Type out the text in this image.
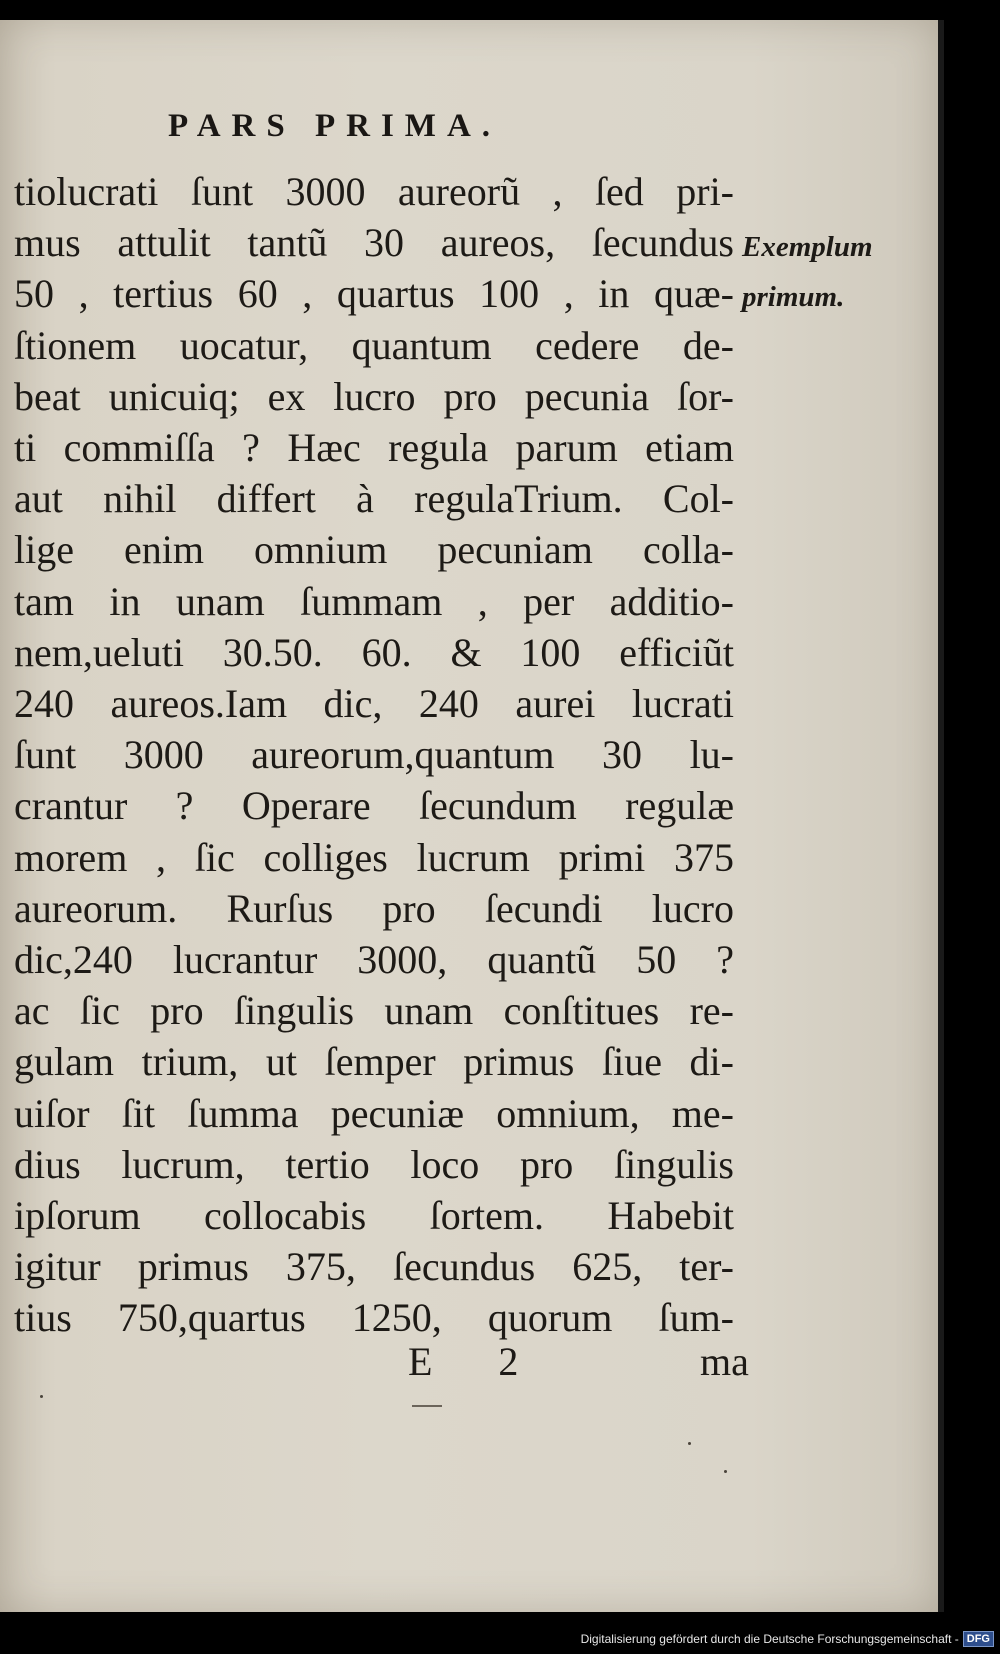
PARS PRIMA.
tiolucrati ſunt 3000 aureorũ , ſed pri-
mus attulit tantũ 30 aureos, ſecundus
50 , tertius 60 , quartus 100 , in quæ-
ſtionem uocatur, quantum cedere de-
beat unicuiq; ex lucro pro pecunia ſor-
ti commiſſa ? Hæc regula parum etiam
aut nihil differt à regulaTrium. Col-
lige enim omnium pecuniam colla-
tam in unam ſummam , per additio-
nem,ueluti 30.50. 60. & 100 efficiũt
240 aureos.Iam dic, 240 aurei lucrati
ſunt 3000 aureorum,quantum 30 lu-
crantur ? Operare ſecundum regulæ
morem , ſic colliges lucrum primi 375
aureorum. Rurſus pro ſecundi lucro
dic,240 lucrantur 3000, quantũ 50 ?
ac ſic pro ſingulis unam conſtitues re-
gulam trium, ut ſemper primus ſiue di-
uiſor ſit ſumma pecuniæ omnium, me-
dius lucrum, tertio loco pro ſingulis
ipſorum collocabis ſortem. Habebit
igitur primus 375, ſecundus 625, ter-
tius 750,quartus 1250, quorum ſum-
Exemplum
primum.
E 2	ma
Digitalisierung gefördert durch die Deutsche Forschungsgemeinschaft - DFG
